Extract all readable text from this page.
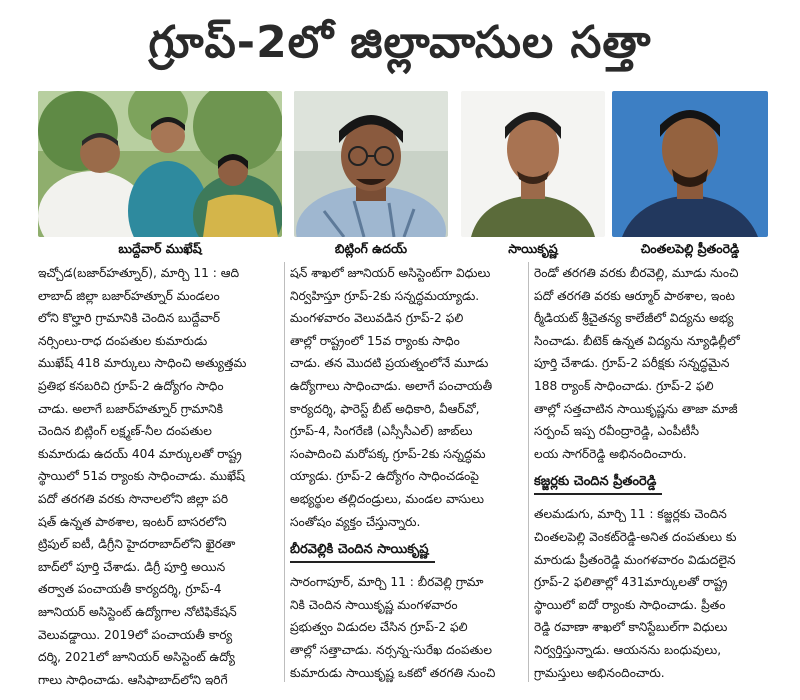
గ్రూప్-2లో జిల్లావాసుల సత్తా
బుద్దేవార్ ముఖేష్	బిట్లింగ్ ఉదయ్	సాయికృష్ణ	చింతలపెల్లి ప్రీతంరెడ్డి
ఇచ్చోడ(బజార్‌హత్నూర్), మార్చి 11 : ఆది
లాబాద్ జిల్లా బజార్‌హత్నూర్ మండలం
లోని కొల్హారి గ్రామానికి చెందిన బుద్దేవార్
నర్సింలు-రాధ దంపతుల కుమారుడు
ముఖేష్ 418 మార్కులు సాధించి అత్యుత్తమ
ప్రతిభ కనబరిచి గ్రూప్-2 ఉద్యోగం సాధిం
చాడు. అలాగే బజార్‌హత్నూర్ గ్రామానికి
చెందిన బిట్లింగ్ లక్ష్మణ్-నీల దంపతుల
కుమారుడు ఉదయ్ 404 మార్కులతో రాష్ట్ర
స్థాయిలో 51వ ర్యాంకు సాధించాడు. ముఖేష్
పదో తరగతి వరకు సొనాలలోని జిల్లా పరి
షత్ ఉన్నత పాఠశాల, ఇంటర్ బాసరలోని
ట్రిపుల్ ఐటీ, డిగ్రీని హైదరాబాద్‌లోని ఖైరతా
బాద్‌లో పూర్తి చేశాడు. డిగ్రీ పూర్తి అయిన
తర్వాత పంచాయతీ కార్యదర్శి, గ్రూప్-4
జూనియర్ అసిస్టెంట్ ఉద్యోగాల నోటిఫికేషన్
వెలువడ్డాయి. 2019లో పంచాయతీ కార్య
దర్శి, 2021లో జూనియర్ అసిస్టెంట్ ఉద్యో
గాలు సాధించాడు. ఆసిఫాబాద్‌లోని ఇరిగే
షన్ శాఖలో జూనియర్ అసిస్టెంట్‌గా విధులు
నిర్వహిస్తూ గ్రూప్-2కు సన్నద్ధమయ్యాడు.
మంగళవారం వెలువడిన గ్రూప్-2 ఫలి
తాల్లో రాష్ట్రంలో 15వ ర్యాంకు సాధిం
చాడు. తన మొదటి ప్రయత్నంలోనే మూడు
ఉద్యోగాలు సాధించాడు. అలాగే పంచాయతీ
కార్యదర్శి, ఫారెస్ట్ బీట్ అధికారి, వీఆర్‌వో,
గ్రూప్-4, సింగరేణి (ఎస్సీసీఎల్) జాబ్‌లు
సంపాదించి మరోపక్క గ్రూప్-2కు సన్నద్ధమ
య్యాడు. గ్రూప్-2 ఉద్యోగం సాధించడంపై
అభ్యర్థుల తల్లిదండ్రులు, మండల వాసులు
సంతోషం వ్యక్తం చేస్తున్నారు.
బీరవెల్లికి చెందిన సాయికృష్ణ
సారంగాపూర్, మార్చి 11 : బీరవెల్లి గ్రామా
నికి చెందిన సాయికృష్ణ మంగళవారం
ప్రభుత్వం విడుదల చేసిన గ్రూప్-2 ఫలి
తాల్లో సత్తాచాడు. నర్సన్న-సురేఖ దంపతుల
కుమారుడు సాయికృష్ణ ఒకటో తరగతి నుంచి
రెండో తరగతి వరకు బీరవెల్లి, మూడు నుంచి
పదో తరగతి వరకు ఆర్మూర్ పాఠశాల, ఇంట
ర్మీడియట్ శ్రీచైతన్య కాలేజీలో విద్యను అభ్య
సించాడు. బీటెక్ ఉన్నత విద్యను న్యూఢిల్లీలో
పూర్తి చేశాడు. గ్రూప్-2 పరీక్షకు సన్నద్ధమైన
188 ర్యాంక్ సాధించాడు. గ్రూప్-2 ఫలి
తాల్లో సత్తచాటిన సాయికృష్ణను తాజా మాజీ
సర్పంచ్ ఇప్ప రవీంద్రారెడ్డి, ఎంపీటీసీ
లయ సాగర్‌రెడ్డి అభినందించారు.
కజ్జర్లకు చెందిన ప్రీతంరెడ్డి
తలమడుగు, మార్చి 11 : కజ్జర్లకు చెందిన
చింతలపెల్లి వెంకట్‌రెడ్డి-అనిత దంపతులు కు
మారుడు ప్రీతంరెడ్డి మంగళవారం విడుదలైన
గ్రూప్-2 ఫలితాల్లో 431మార్కులతో రాష్ట్ర
స్థాయిలో ఐదో ర్యాంకు సాధించాడు. ప్రీతం
రెడ్డి రవాణా శాఖలో కానిస్టేబుల్‌గా విధులు
నిర్వర్తిస్తున్నాడు. ఆయనను బంధువులు,
గ్రామస్తులు అభినందించారు.
